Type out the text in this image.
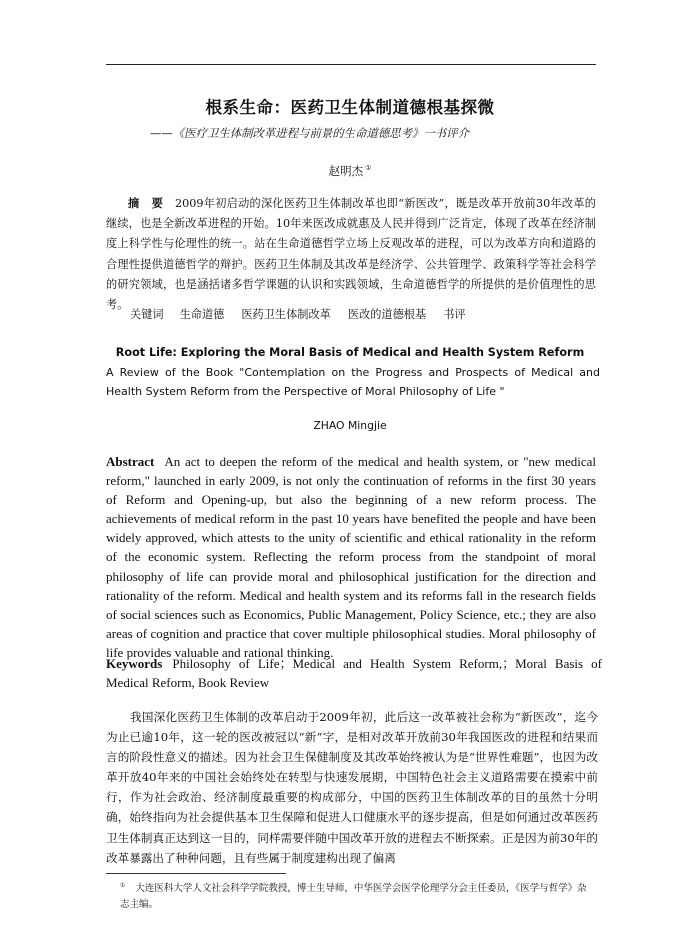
根系生命：医药卫生体制道德根基探微
——《医疗卫生体制改革进程与前景的生命道德思考》一书评介
赵明杰 ①

摘 要 2009年初启动的深化医药卫生体制改革也即“新医改”，既是改革开放前30年改革的继续，也是全新改革进程的开始。10年来医改成就惠及人民并得到广泛肯定，体现了改革在经济制度上科学性与伦理性的统一。站在生命道德哲学立场上反观改革的进程，可以为改革方向和道路的合理性提供道德哲学的辩护。医药卫生体制及其改革是经济学、公共管理学、政策科学等社会科学的研究领域，也是涵括诸多哲学课题的认识和实践领域，生命道德哲学的所提供的是价值理性的思考。

关键词 生命道德 医药卫生体制改革 医改的道德根基 书评
Root Life: Exploring the Moral Basis of Medical and Health System Reform

A Review of the Book "Contemplation on the Progress and Prospects of Medical and Health System Reform from the Perspective of Moral Philosophy of Life "

ZHAO Mingjie

Abstract An act to deepen the reform of the medical and health system, or "new medical reform," launched in early 2009, is not only the continuation of reforms in the first 30 years of Reform and Opening-up, but also the beginning of a new reform process. The achievements of medical reform in the past 10 years have benefited the people and have been widely approved, which attests to the unity of scientific and ethical rationality in the reform of the economic system. Reflecting the reform process from the standpoint of moral philosophy of life can provide moral and philosophical justification for the direction and rationality of the reform. Medical and health system and its reforms fall in the research fields of social sciences such as Economics, Public Management, Policy Science, etc.; they are also areas of cognition and practice that cover multiple philosophical studies. Moral philosophy of life provides valuable and rational thinking.

Keywords Philosophy of Life；Medical and Health System Reform,；Moral Basis of Medical Reform, Book Review

我国深化医药卫生体制的改革启动于2009年初，此后这一改革被社会称为“新医改”，迄今为止已逾10年，这一轮的医改被冠以“新”字，是相对改革开放前30年我国医改的进程和结果而言的阶段性意义的描述。因为社会卫生保健制度及其改革始终被认为是“世界性难题”，也因为改革开放40年来的中国社会始终处在转型与快速发展期，中国特色社会主义道路需要在摸索中前行，作为社会政治、经济制度最重要的构成部分，中国的医药卫生体制改革的目的虽然十分明确，始终指向为社会提供基本卫生保障和促进人口健康水平的逐步提高，但是如何通过改革医药卫生体制真正达到这一目的，同样需要伴随中国改革开放的进程去不断探索。正是因为前30年的改革暴露出了种种问题，且有些属于制度建构出现了偏离

① 大连医科大学人文社会科学学院教授，博士生导师，中华医学会医学伦理学分会主任委员，《医学与哲学》杂志主编。
